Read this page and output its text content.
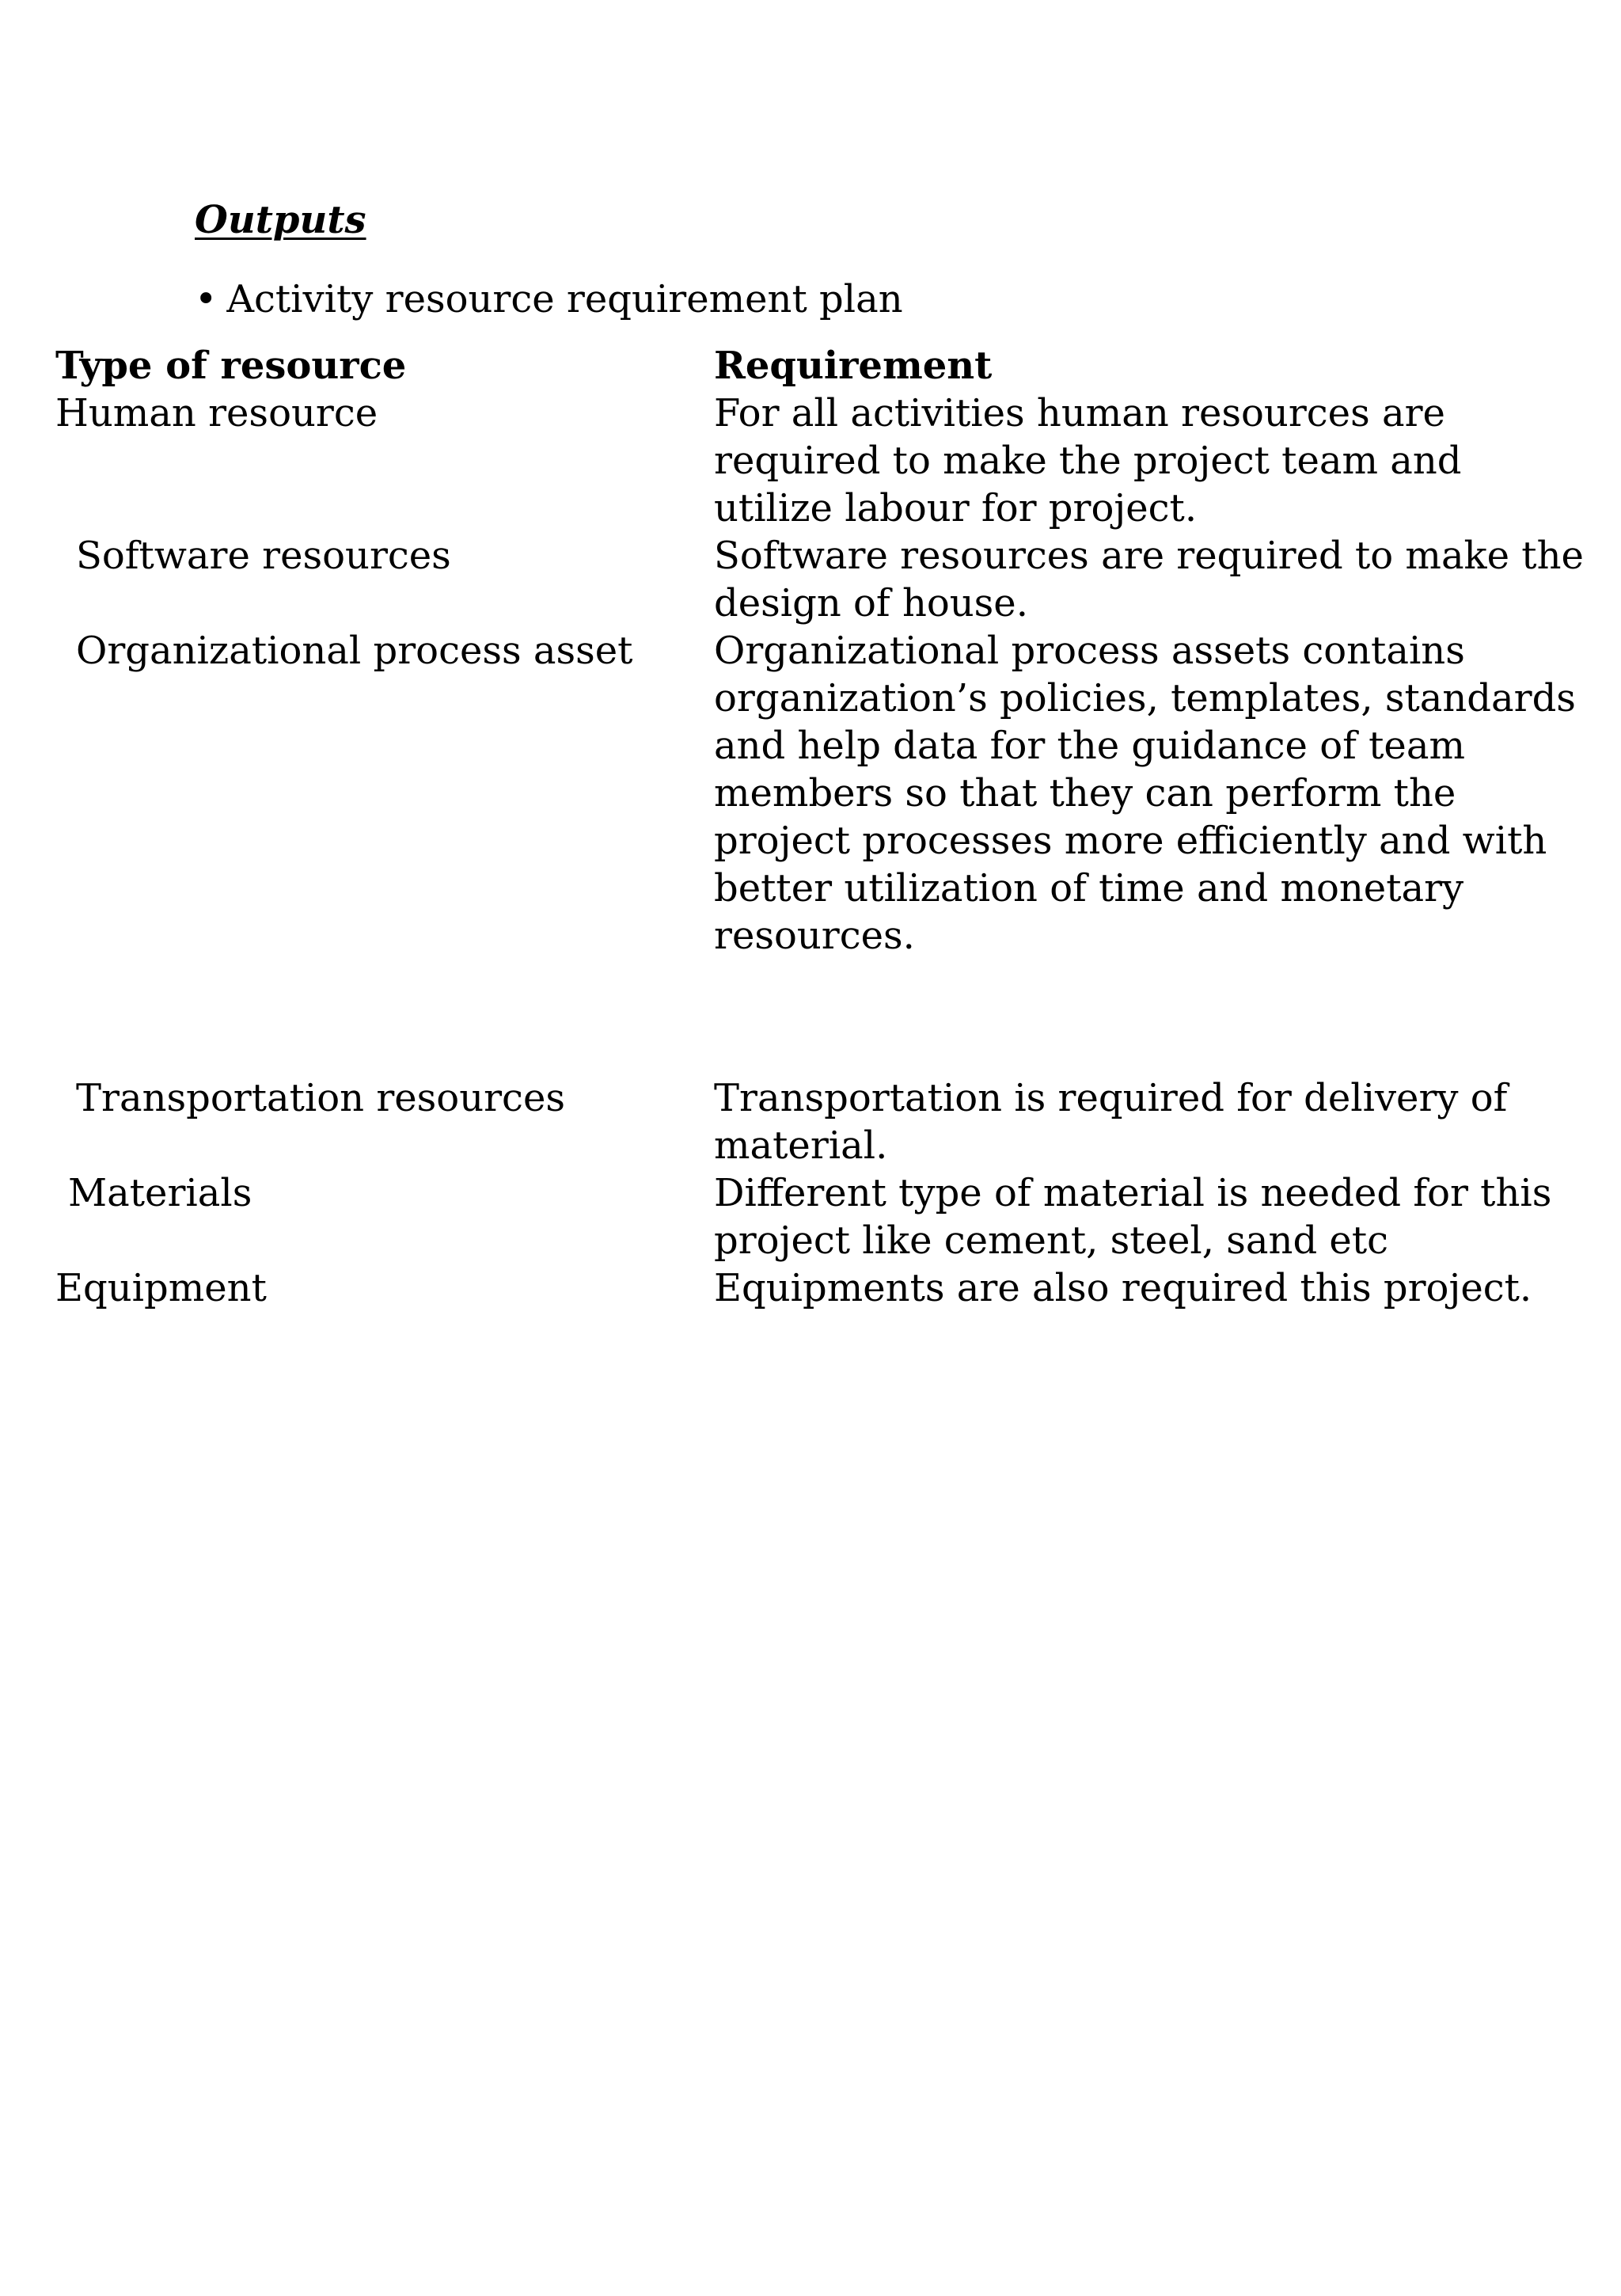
Outputs
• Activity resource requirement plan
Type of resource	Requirement
Human resource	For all activities human resources are required to make the project team and utilize labour for project.
Software resources	Software resources are required to make the design of house.
Organizational process asset	Organizational process assets contains organization’s policies, templates, standards and help data for the guidance of team members so that they can perform the project processes more efficiently and with better utilization of time and monetary resources.
Transportation resources	Transportation is required for delivery of material.
Materials	Different type of material is needed for this project like cement, steel, sand etc
Equipment	Equipments are also required this project.
